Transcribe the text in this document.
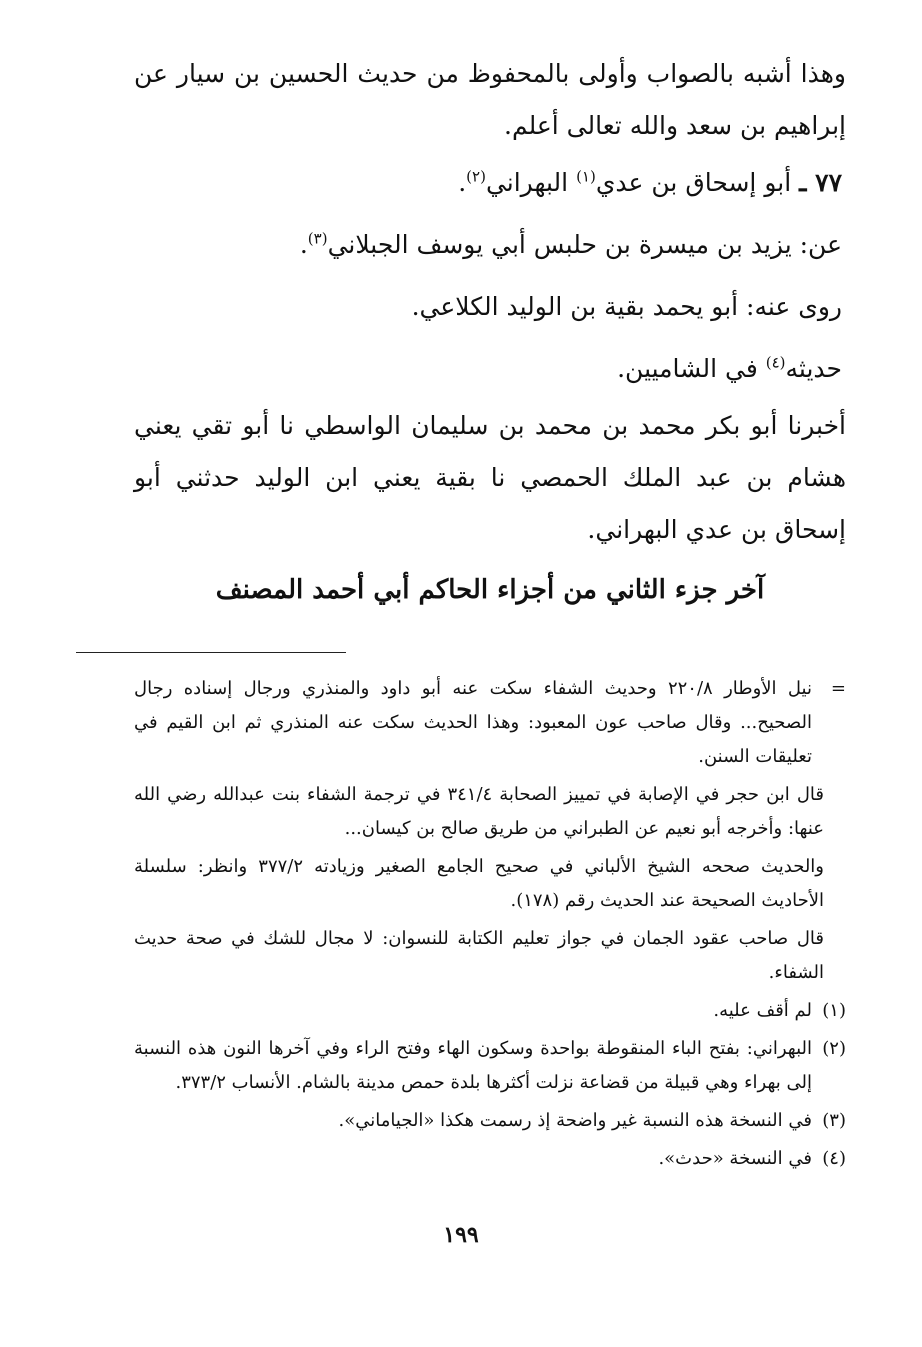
وهذا أشبه بالصواب وأولى بالمحفوظ من حديث الحسين بن سيار عن إبراهيم بن سعد والله تعالى أعلم.

٧٧ ـ أبو إسحاق بن عدي$^{(١)}$ البهراني$^{(٢)}$.

عن: يزيد بن ميسرة بن حلبس أبي يوسف الجبلاني$^{(٣)}$.

روى عنه: أبو يحمد بقية بن الوليد الكلاعي.

حديثه$^{(٤)}$ في الشاميين.

أخبرنا أبو بكر محمد بن محمد بن سليمان الواسطي نا أبو تقي يعني هشام بن عبد الملك الحمصي نا بقية يعني ابن الوليد حدثني أبو إسحاق بن عدي البهراني.

آخر جزء الثاني من أجزاء الحاكم أبي أحمد المصنف

=
نيل الأوطار ٢٢٠/٨ وحديث الشفاء سكت عنه أبو داود والمنذري ورجال إسناده رجال الصحيح... وقال صاحب عون المعبود: وهذا الحديث سكت عنه المنذري ثم ابن القيم في تعليقات السنن.

قال ابن حجر في الإصابة في تمييز الصحابة ٣٤١/٤ في ترجمة الشفاء بنت عبدالله رضي الله عنها: وأخرجه أبو نعيم عن الطبراني من طريق صالح بن كيسان...

والحديث صححه الشيخ الألباني في صحيح الجامع الصغير وزيادته ٣٧٧/٢ وانظر: سلسلة الأحاديث الصحيحة عند الحديث رقم (١٧٨).

قال صاحب عقود الجمان في جواز تعليم الكتابة للنسوان: لا مجال للشك في صحة حديث الشفاء.

(١)
لم أقف عليه.
(٢)
البهراني: بفتح الباء المنقوطة بواحدة وسكون الهاء وفتح الراء وفي آخرها النون هذه النسبة إلى بهراء وهي قبيلة من قضاعة نزلت أكثرها بلدة حمص مدينة بالشام. الأنساب ٣٧٣/٢.
(٣)
في النسخة هذه النسبة غير واضحة إذ رسمت هكذا «الجياماني».
(٤)
في النسخة «حدث».
١٩٩
